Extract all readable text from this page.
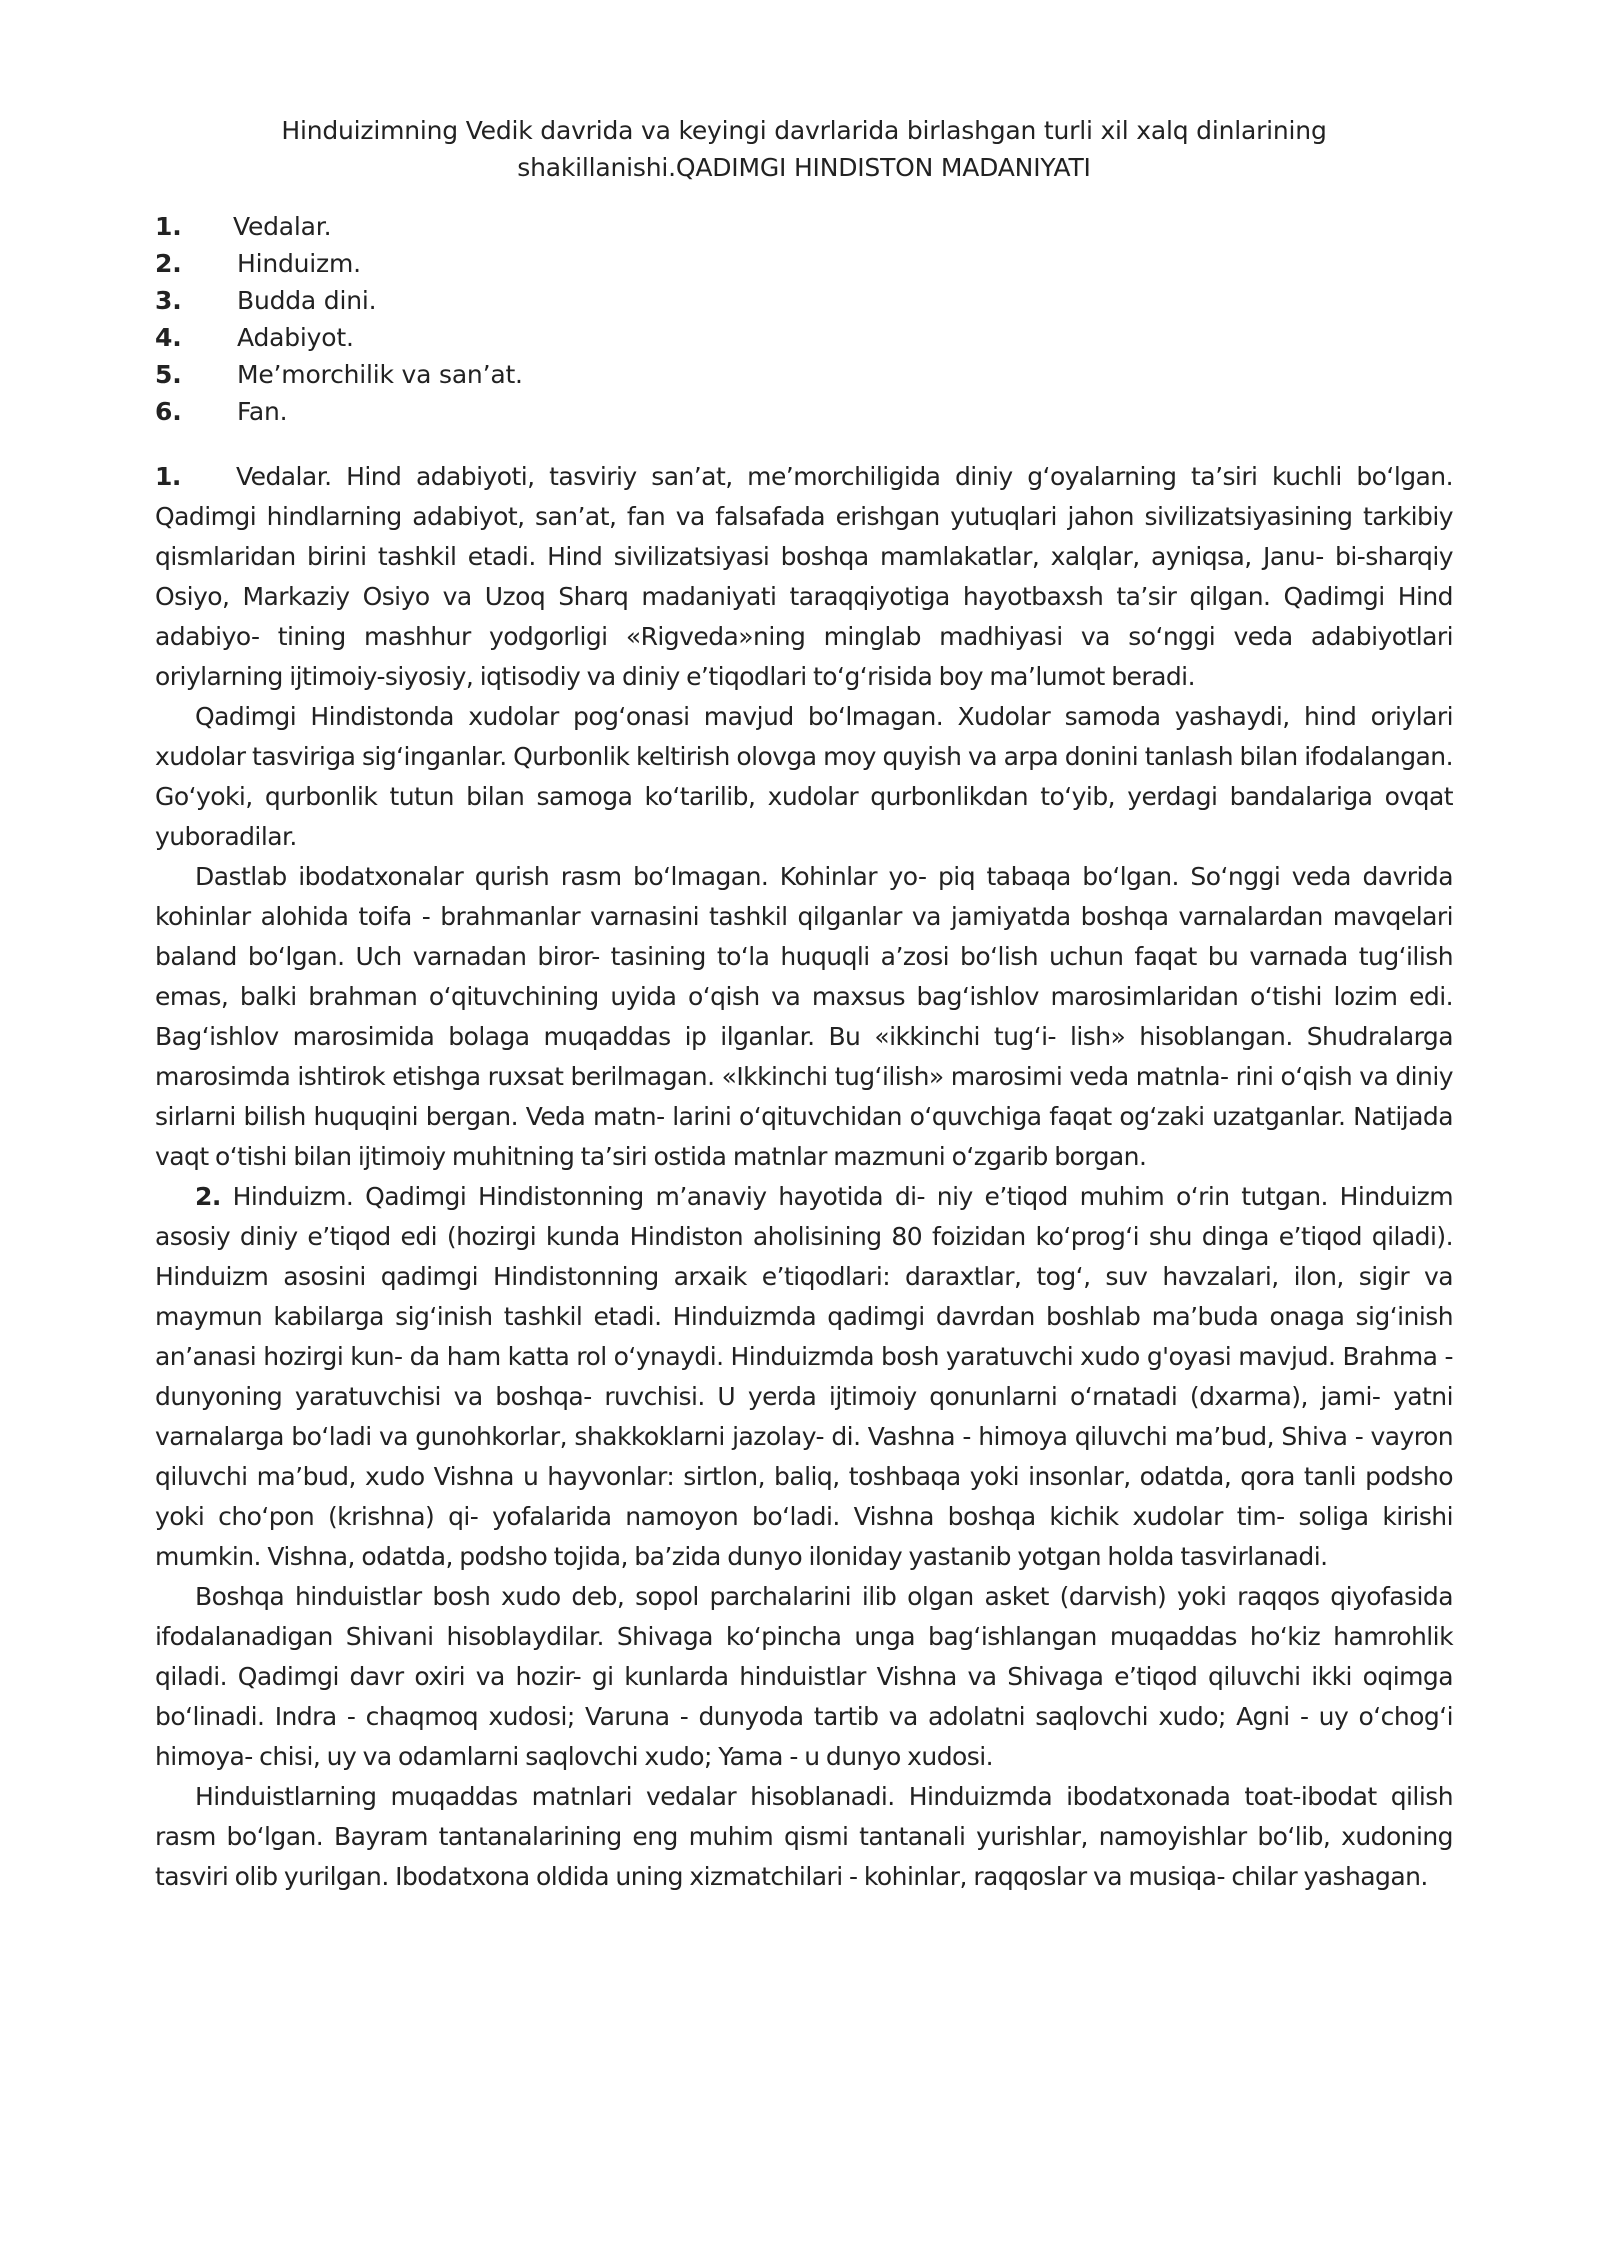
Hinduizimning Vedik davrida va keyingi davrlarida birlashgan turli xil xalq dinlarining shakillanishi.QADIMGI HINDISTON MADANIYATI
1. Vedalar.
2. Hinduizm.
3. Budda dini.
4. Adabiyot.
5. Me’morchilik va san’at.
6. Fan.

1. Vedalar. Hind adabiyoti, tasviriy san’at, me’morchiligida diniy g‘oyalarning ta’siri kuchli bo‘lgan. Qadimgi hindlarning adabiyot, san’at, fan va falsafada erishgan yutuqlari jahon sivilizatsiyasining tarkibiy qismlaridan birini tashkil etadi. Hind sivilizatsiyasi boshqa mamlakatlar, xalqlar, ayniqsa, Janu- bi-sharqiy Osiyo, Markaziy Osiyo va Uzoq Sharq madaniyati taraqqiyotiga hayotbaxsh ta’sir qilgan. Qadimgi Hind adabiyo- tining mashhur yodgorligi «Rigveda»ning minglab madhiyasi va so‘nggi veda adabiyotlari oriylarning ijtimoiy-siyosiy, iqtisodiy va diniy e’tiqodlari to‘g‘risida boy ma’lumot beradi.

Qadimgi Hindistonda xudolar pog‘onasi mavjud bo‘lmagan. Xudolar samoda yashaydi, hind oriylari xudolar tasviriga sig‘inganlar. Qurbonlik keltirish olovga moy quyish va arpa donini tanlash bilan ifodalangan. Go‘yoki, qurbonlik tutun bilan samoga ko‘tarilib, xudolar qurbonlikdan to‘yib, yerdagi bandalariga ovqat yuboradilar.

Dastlab ibodatxonalar qurish rasm bo‘lmagan. Kohinlar yo- piq tabaqa bo‘lgan. So‘nggi veda davrida kohinlar alohida toifa - brahmanlar varnasini tashkil qilganlar va jamiyatda boshqa varnalardan mavqelari baland bo‘lgan. Uch varnadan biror- tasining to‘la huquqli a’zosi bo‘lish uchun faqat bu varnada tug‘ilish emas, balki brahman o‘qituvchining uyida o‘qish va maxsus bag‘ishlov marosimlaridan o‘tishi lozim edi. Bag‘ishlov marosimida bolaga muqaddas ip ilganlar. Bu «ikkinchi tug‘i- lish» hisoblangan. Shudralarga marosimda ishtirok etishga ruxsat berilmagan. «Ikkinchi tug‘ilish» marosimi veda matnla- rini o‘qish va diniy sirlarni bilish huquqini bergan. Veda matn- larini o‘qituvchidan o‘quvchiga faqat og‘zaki uzatganlar. Natijada vaqt o‘tishi bilan ijtimoiy muhitning ta’siri ostida matnlar mazmuni o‘zgarib borgan.

2. Hinduizm. Qadimgi Hindistonning m’anaviy hayotida di- niy e’tiqod muhim o‘rin tutgan. Hinduizm asosiy diniy e’tiqod edi (hozirgi kunda Hindiston aholisining 80 foizidan ko‘prog‘i shu dinga e’tiqod qiladi). Hinduizm asosini qadimgi Hindistonning arxaik e’tiqodlari: daraxtlar, tog‘, suv havzalari, ilon, sigir va maymun kabilarga sig‘inish tashkil etadi. Hinduizmda qadimgi davrdan boshlab ma’buda onaga sig‘inish an’anasi hozirgi kun- da ham katta rol o‘ynaydi. Hinduizmda bosh yaratuvchi xudo g'oyasi mavjud. Brahma - dunyoning yaratuvchisi va boshqa- ruvchisi. U yerda ijtimoiy qonunlarni o‘rnatadi (dxarma), jami- yatni varnalarga bo‘ladi va gunohkorlar, shakkoklarni jazolay- di. Vashna - himoya qiluvchi ma’bud, Shiva - vayron qiluvchi ma’bud, xudo Vishna u hayvonlar: sirtlon, baliq, toshbaqa yoki insonlar, odatda, qora tanli podsho yoki cho‘pon (krishna) qi- yofalarida namoyon bo‘ladi. Vishna boshqa kichik xudolar tim- soliga kirishi mumkin. Vishna, odatda, podsho tojida, ba’zida dunyo iloniday yastanib yotgan holda tasvirlanadi.

Boshqa hinduistlar bosh xudo deb, sopol parchalarini ilib olgan asket (darvish) yoki raqqos qiyofasida ifodalanadigan Shivani hisoblaydilar. Shivaga ko‘pincha unga bag‘ishlangan muqaddas ho‘kiz hamrohlik qiladi. Qadimgi davr oxiri va hozir- gi kunlarda hinduistlar Vishna va Shivaga e’tiqod qiluvchi ikki oqimga bo‘linadi. Indra - chaqmoq xudosi; Varuna - dunyoda tartib va adolatni saqlovchi xudo; Agni - uy o‘chog‘i himoya- chisi, uy va odamlarni saqlovchi xudo; Yama - u dunyo xudosi.

Hinduistlarning muqaddas matnlari vedalar hisoblanadi. Hinduizmda ibodatxonada toat-ibodat qilish rasm bo‘lgan. Bayram tantanalarining eng muhim qismi tantanali yurishlar, namoyishlar bo‘lib, xudoning tasviri olib yurilgan. Ibodatxona oldida uning xizmatchilari - kohinlar, raqqoslar va musiqa- chilar yashagan.
